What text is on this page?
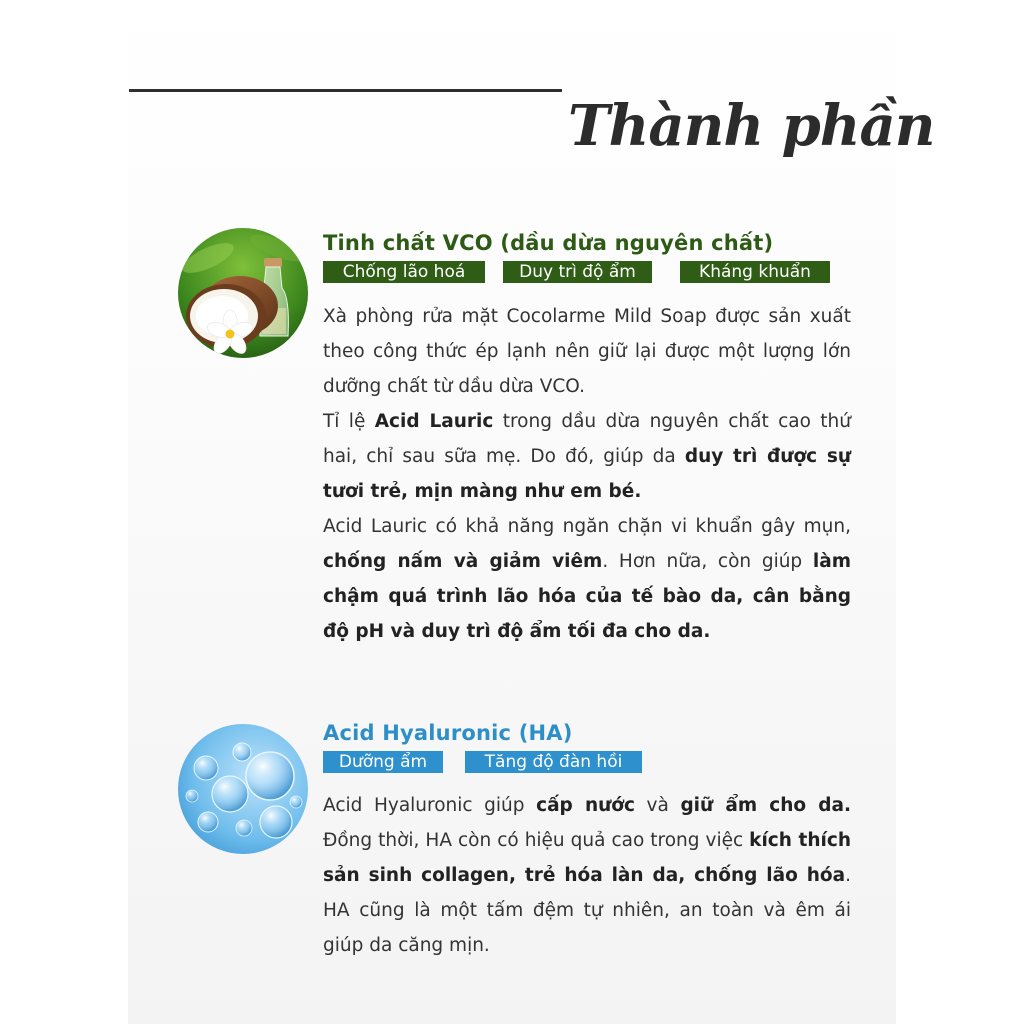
Thành phần
Tinh chất VCO (dầu dừa nguyên chất)
Chống lão hoá	Duy trì độ ẩm	Kháng khuẩn

Xà phòng rửa mặt Cocolarme Mild Soap được sản xuất theo công thức ép lạnh nên giữ lại được một lượng lớn dưỡng chất từ dầu dừa VCO.

Tỉ lệ Acid Lauric trong dầu dừa nguyên chất cao thứ hai, chỉ sau sữa mẹ. Do đó, giúp da duy trì được sự tươi trẻ, mịn màng như em bé.

Acid Lauric có khả năng ngăn chặn vi khuẩn gây mụn, chống nấm và giảm viêm. Hơn nữa, còn giúp làm chậm quá trình lão hóa của tế bào da, cân bằng độ pH và duy trì độ ẩm tối đa cho da.

Acid Hyaluronic (HA)
Dưỡng ẩm	Tăng độ đàn hồi

Acid Hyaluronic giúp cấp nước và giữ ẩm cho da. Đồng thời, HA còn có hiệu quả cao trong việc kích thích sản sinh collagen, trẻ hóa làn da, chống lão hóa. HA cũng là một tấm đệm tự nhiên, an toàn và êm ái giúp da căng mịn.
